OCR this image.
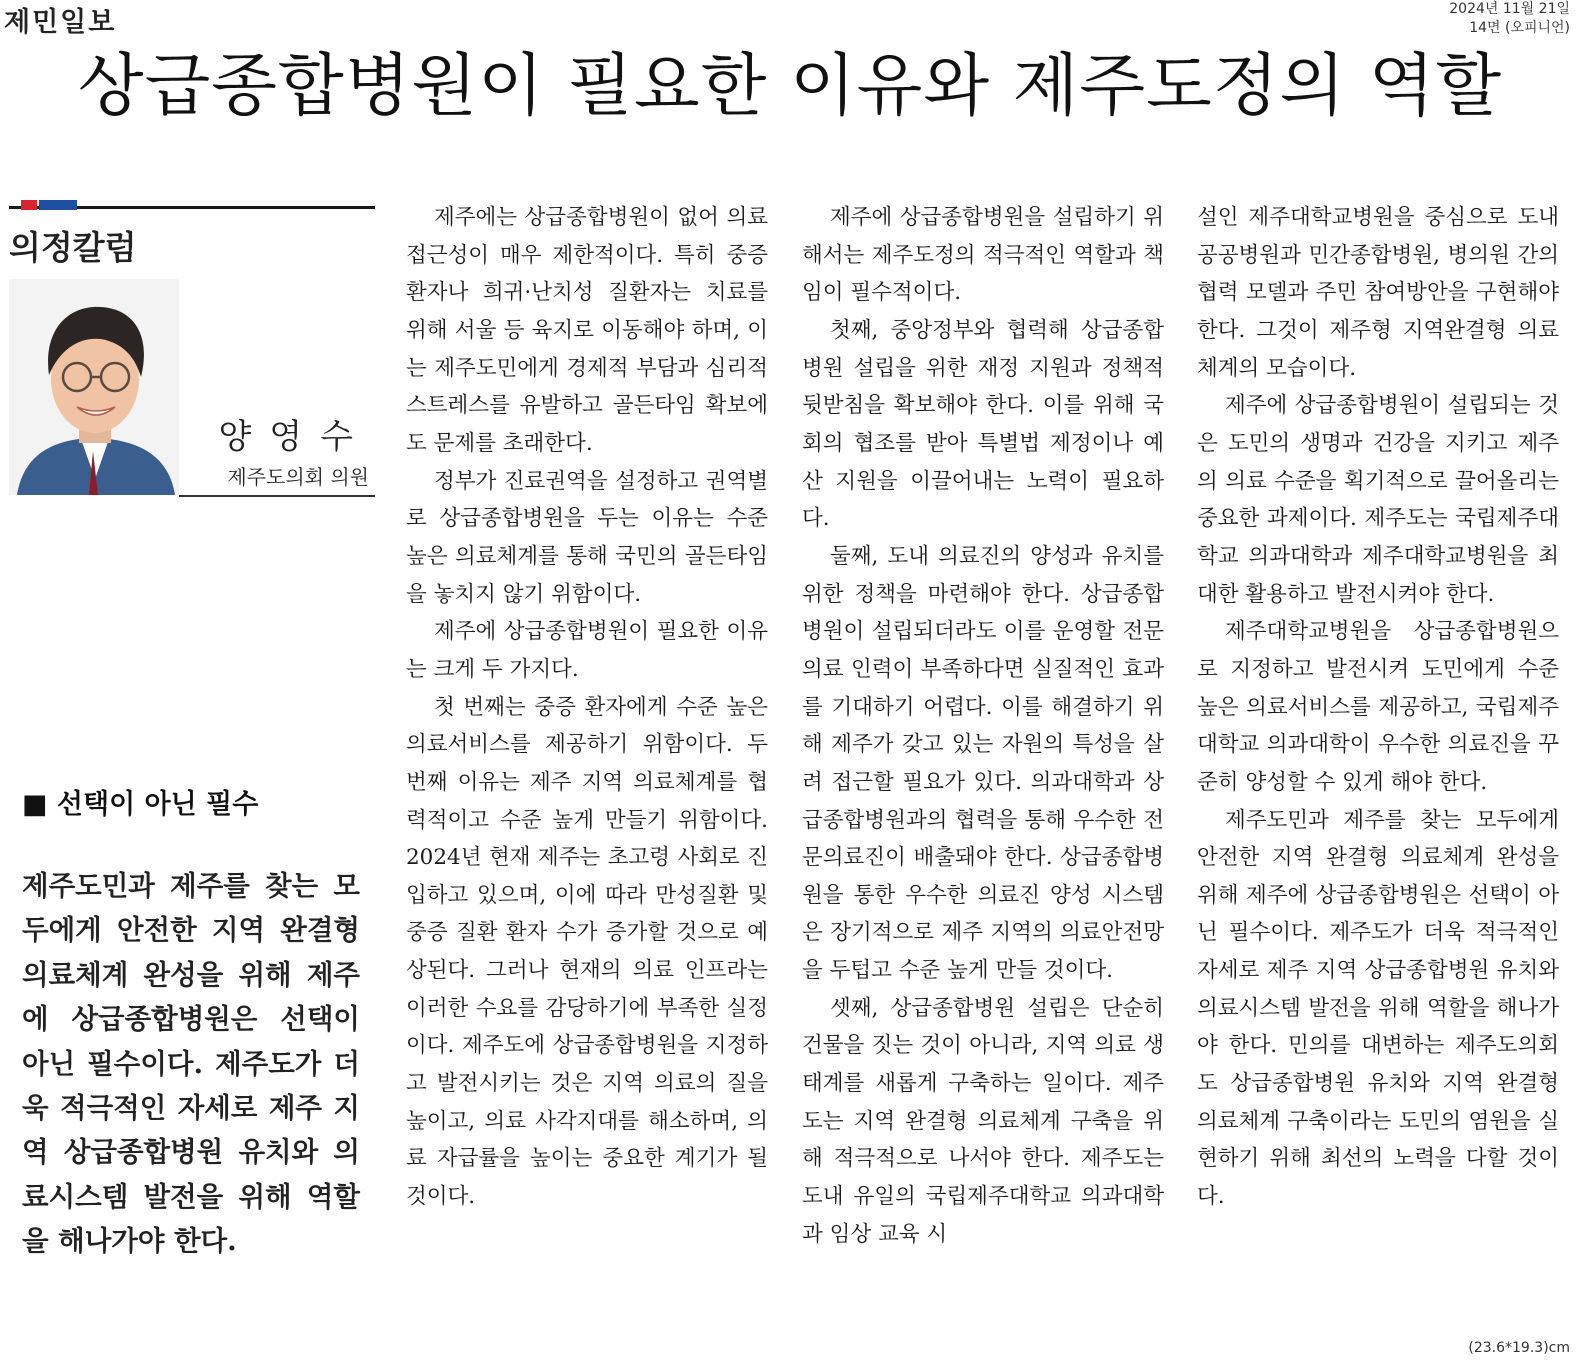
제민일보	2024년 11월 21일
14면 (오피니언)
상급종합병원이 필요한 이유와 제주도정의 역할
의정칼럼
양영수
제주도의회 의원
■ 선택이 아닌 필수
제주도민과 제주를 찾는 모두에게 안전한 지역 완결형 의료체계 완성을 위해 제주에 상급종합병원은 선택이 아닌 필수이다. 제주도가 더욱 적극적인 자세로 제주 지역 상급종합병원 유치와 의료시스템 발전을 위해 역할을 해나가야 한다.

제주에는 상급종합병원이 없어 의료 접근성이 매우 제한적이다. 특히 중증 환자나 희귀·난치성 질환자는 치료를 위해 서울 등 육지로 이동해야 하며, 이는 제주도민에게 경제적 부담과 심리적 스트레스를 유발하고 골든타임 확보에도 문제를 초래한다.

정부가 진료권역을 설정하고 권역별로 상급종합병원을 두는 이유는 수준 높은 의료체계를 통해 국민의 골든타임을 놓치지 않기 위함이다.

제주에 상급종합병원이 필요한 이유는 크게 두 가지다.

첫 번째는 중증 환자에게 수준 높은 의료서비스를 제공하기 위함이다. 두 번째 이유는 제주 지역 의료체계를 협력적이고 수준 높게 만들기 위함이다. 2024년 현재 제주는 초고령 사회로 진입하고 있으며, 이에 따라 만성질환 및 중증 질환 환자 수가 증가할 것으로 예상된다. 그러나 현재의 의료 인프라는 이러한 수요를 감당하기에 부족한 실정이다. 제주도에 상급종합병원을 지정하고 발전시키는 것은 지역 의료의 질을 높이고, 의료 사각지대를 해소하며, 의료 자급률을 높이는 중요한 계기가 될 것이다.

제주에 상급종합병원을 설립하기 위해서는 제주도정의 적극적인 역할과 책임이 필수적이다.

첫째, 중앙정부와 협력해 상급종합병원 설립을 위한 재정 지원과 정책적 뒷받침을 확보해야 한다. 이를 위해 국회의 협조를 받아 특별법 제정이나 예산 지원을 이끌어내는 노력이 필요하다.

둘째, 도내 의료진의 양성과 유치를 위한 정책을 마련해야 한다. 상급종합병원이 설립되더라도 이를 운영할 전문 의료 인력이 부족하다면 실질적인 효과를 기대하기 어렵다. 이를 해결하기 위해 제주가 갖고 있는 자원의 특성을 살려 접근할 필요가 있다. 의과대학과 상급종합병원과의 협력을 통해 우수한 전문의료진이 배출돼야 한다. 상급종합병원을 통한 우수한 의료진 양성 시스템은 장기적으로 제주 지역의 의료안전망을 두텁고 수준 높게 만들 것이다.

셋째, 상급종합병원 설립은 단순히 건물을 짓는 것이 아니라, 지역 의료 생태계를 새롭게 구축하는 일이다. 제주도는 지역 완결형 의료체계 구축을 위해 적극적으로 나서야 한다. 제주도는 도내 유일의 국립제주대학교 의과대학과 임상 교육 시

설인 제주대학교병원을 중심으로 도내 공공병원과 민간종합병원, 병의원 간의 협력 모델과 주민 참여방안을 구현해야 한다. 그것이 제주형 지역완결형 의료체계의 모습이다.

제주에 상급종합병원이 설립되는 것은 도민의 생명과 건강을 지키고 제주의 의료 수준을 획기적으로 끌어올리는 중요한 과제이다. 제주도는 국립제주대학교 의과대학과 제주대학교병원을 최대한 활용하고 발전시켜야 한다.

제주대학교병원을 상급종합병원으로 지정하고 발전시켜 도민에게 수준 높은 의료서비스를 제공하고, 국립제주대학교 의과대학이 우수한 의료진을 꾸준히 양성할 수 있게 해야 한다.

제주도민과 제주를 찾는 모두에게 안전한 지역 완결형 의료체계 완성을 위해 제주에 상급종합병원은 선택이 아닌 필수이다. 제주도가 더욱 적극적인 자세로 제주 지역 상급종합병원 유치와 의료시스템 발전을 위해 역할을 해나가야 한다. 민의를 대변하는 제주도의회도 상급종합병원 유치와 지역 완결형 의료체계 구축이라는 도민의 염원을 실현하기 위해 최선의 노력을 다할 것이다.

(23.6*19.3)cm
